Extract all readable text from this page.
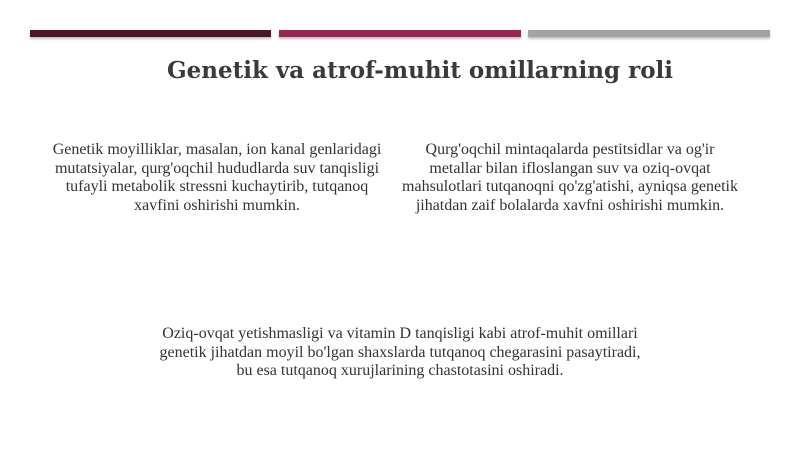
Genetik va atrof-muhit omillarning roli
Genetik moyilliklar, masalan, ion kanal genlaridagi mutatsiyalar, qurg'oqchil hududlarda suv tanqisligi tufayli metabolik stressni kuchaytirib, tutqanoq xavfini oshirishi mumkin.
Qurg'oqchil mintaqalarda pestitsidlar va og'ir metallar bilan ifloslangan suv va oziq-ovqat mahsulotlari tutqanoqni qo'zg'atishi, ayniqsa genetik jihatdan zaif bolalarda xavfni oshirishi mumkin.
Oziq-ovqat yetishmasligi va vitamin D tanqisligi kabi atrof-muhit omillari genetik jihatdan moyil bo'lgan shaxslarda tutqanoq chegarasini pasaytiradi, bu esa tutqanoq xurujlarining chastotasini oshiradi.
